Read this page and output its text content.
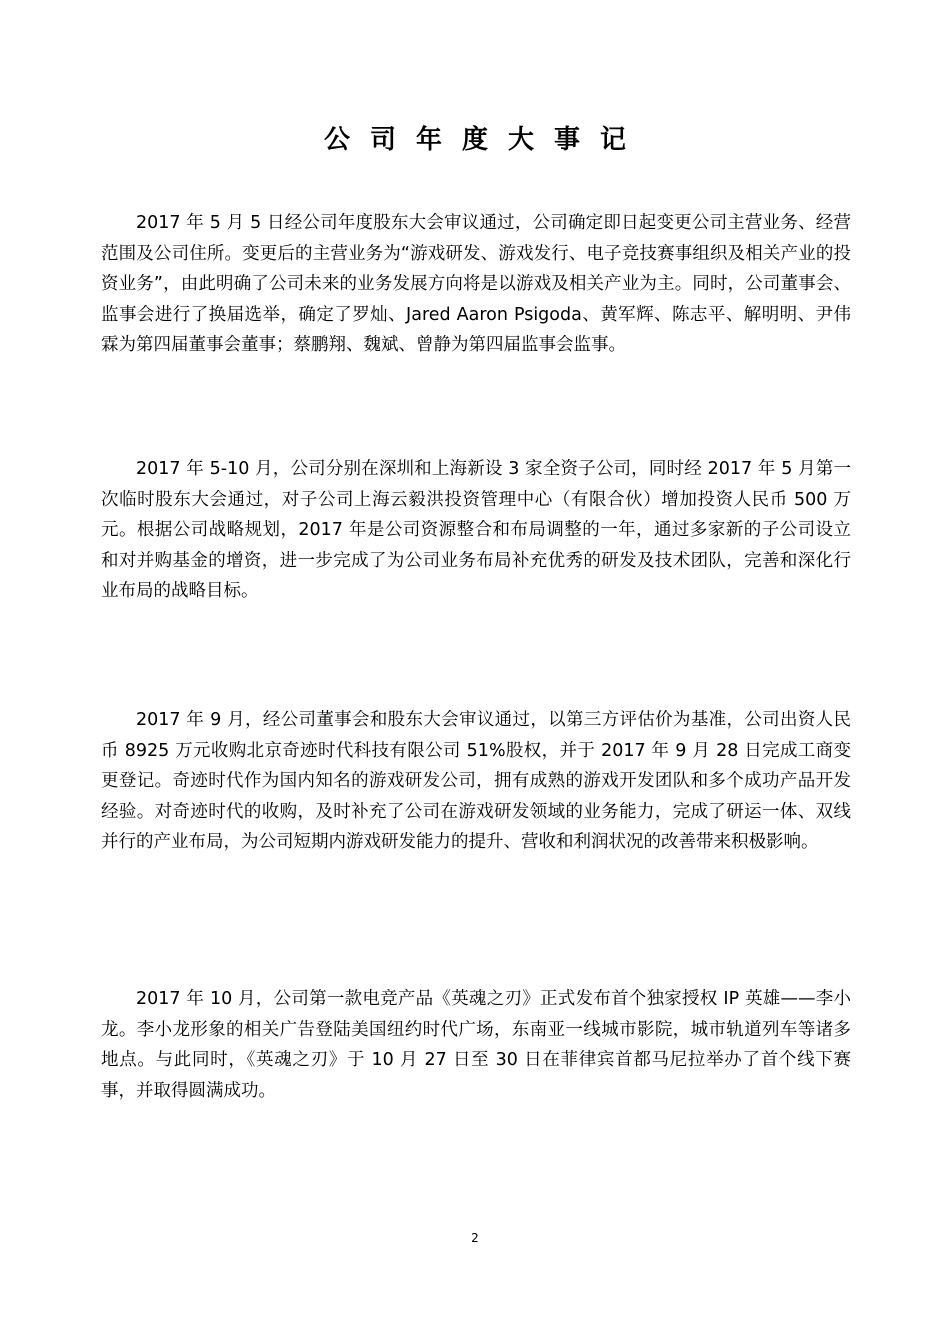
公司年度大事记

2017 年 5 月 5 日经公司年度股东大会审议通过，公司确定即日起变更公司主营业务、经营范围及公司住所。变更后的主营业务为“游戏研发、游戏发行、电子竞技赛事组织及相关产业的投资业务”，由此明确了公司未来的业务发展方向将是以游戏及相关产业为主。同时，公司董事会、监事会进行了换届选举，确定了罗灿、Jared Aaron Psigoda、黄军辉、陈志平、解明明、尹伟霖为第四届董事会董事；蔡鹏翔、魏斌、曾静为第四届监事会监事。

2017 年 5-10 月，公司分别在深圳和上海新设 3 家全资子公司，同时经 2017 年 5 月第一次临时股东大会通过，对子公司上海云毅洪投资管理中心（有限合伙）增加投资人民币 500 万元。根据公司战略规划，2017 年是公司资源整合和布局调整的一年，通过多家新的子公司设立和对并购基金的增资，进一步完成了为公司业务布局补充优秀的研发及技术团队，完善和深化行业布局的战略目标。

2017 年 9 月，经公司董事会和股东大会审议通过，以第三方评估价为基准，公司出资人民币 8925 万元收购北京奇迹时代科技有限公司 51%股权，并于 2017 年 9 月 28 日完成工商变更登记。奇迹时代作为国内知名的游戏研发公司，拥有成熟的游戏开发团队和多个成功产品开发经验。对奇迹时代的收购，及时补充了公司在游戏研发领域的业务能力，完成了研运一体、双线并行的产业布局，为公司短期内游戏研发能力的提升、营收和利润状况的改善带来积极影响。

2017 年 10 月，公司第一款电竞产品《英魂之刃》正式发布首个独家授权 IP 英雄——李小龙。李小龙形象的相关广告登陆美国纽约时代广场，东南亚一线城市影院，城市轨道列车等诸多地点。与此同时，《英魂之刃》于 10 月 27 日至 30 日在菲律宾首都马尼拉举办了首个线下赛事，并取得圆满成功。

2
